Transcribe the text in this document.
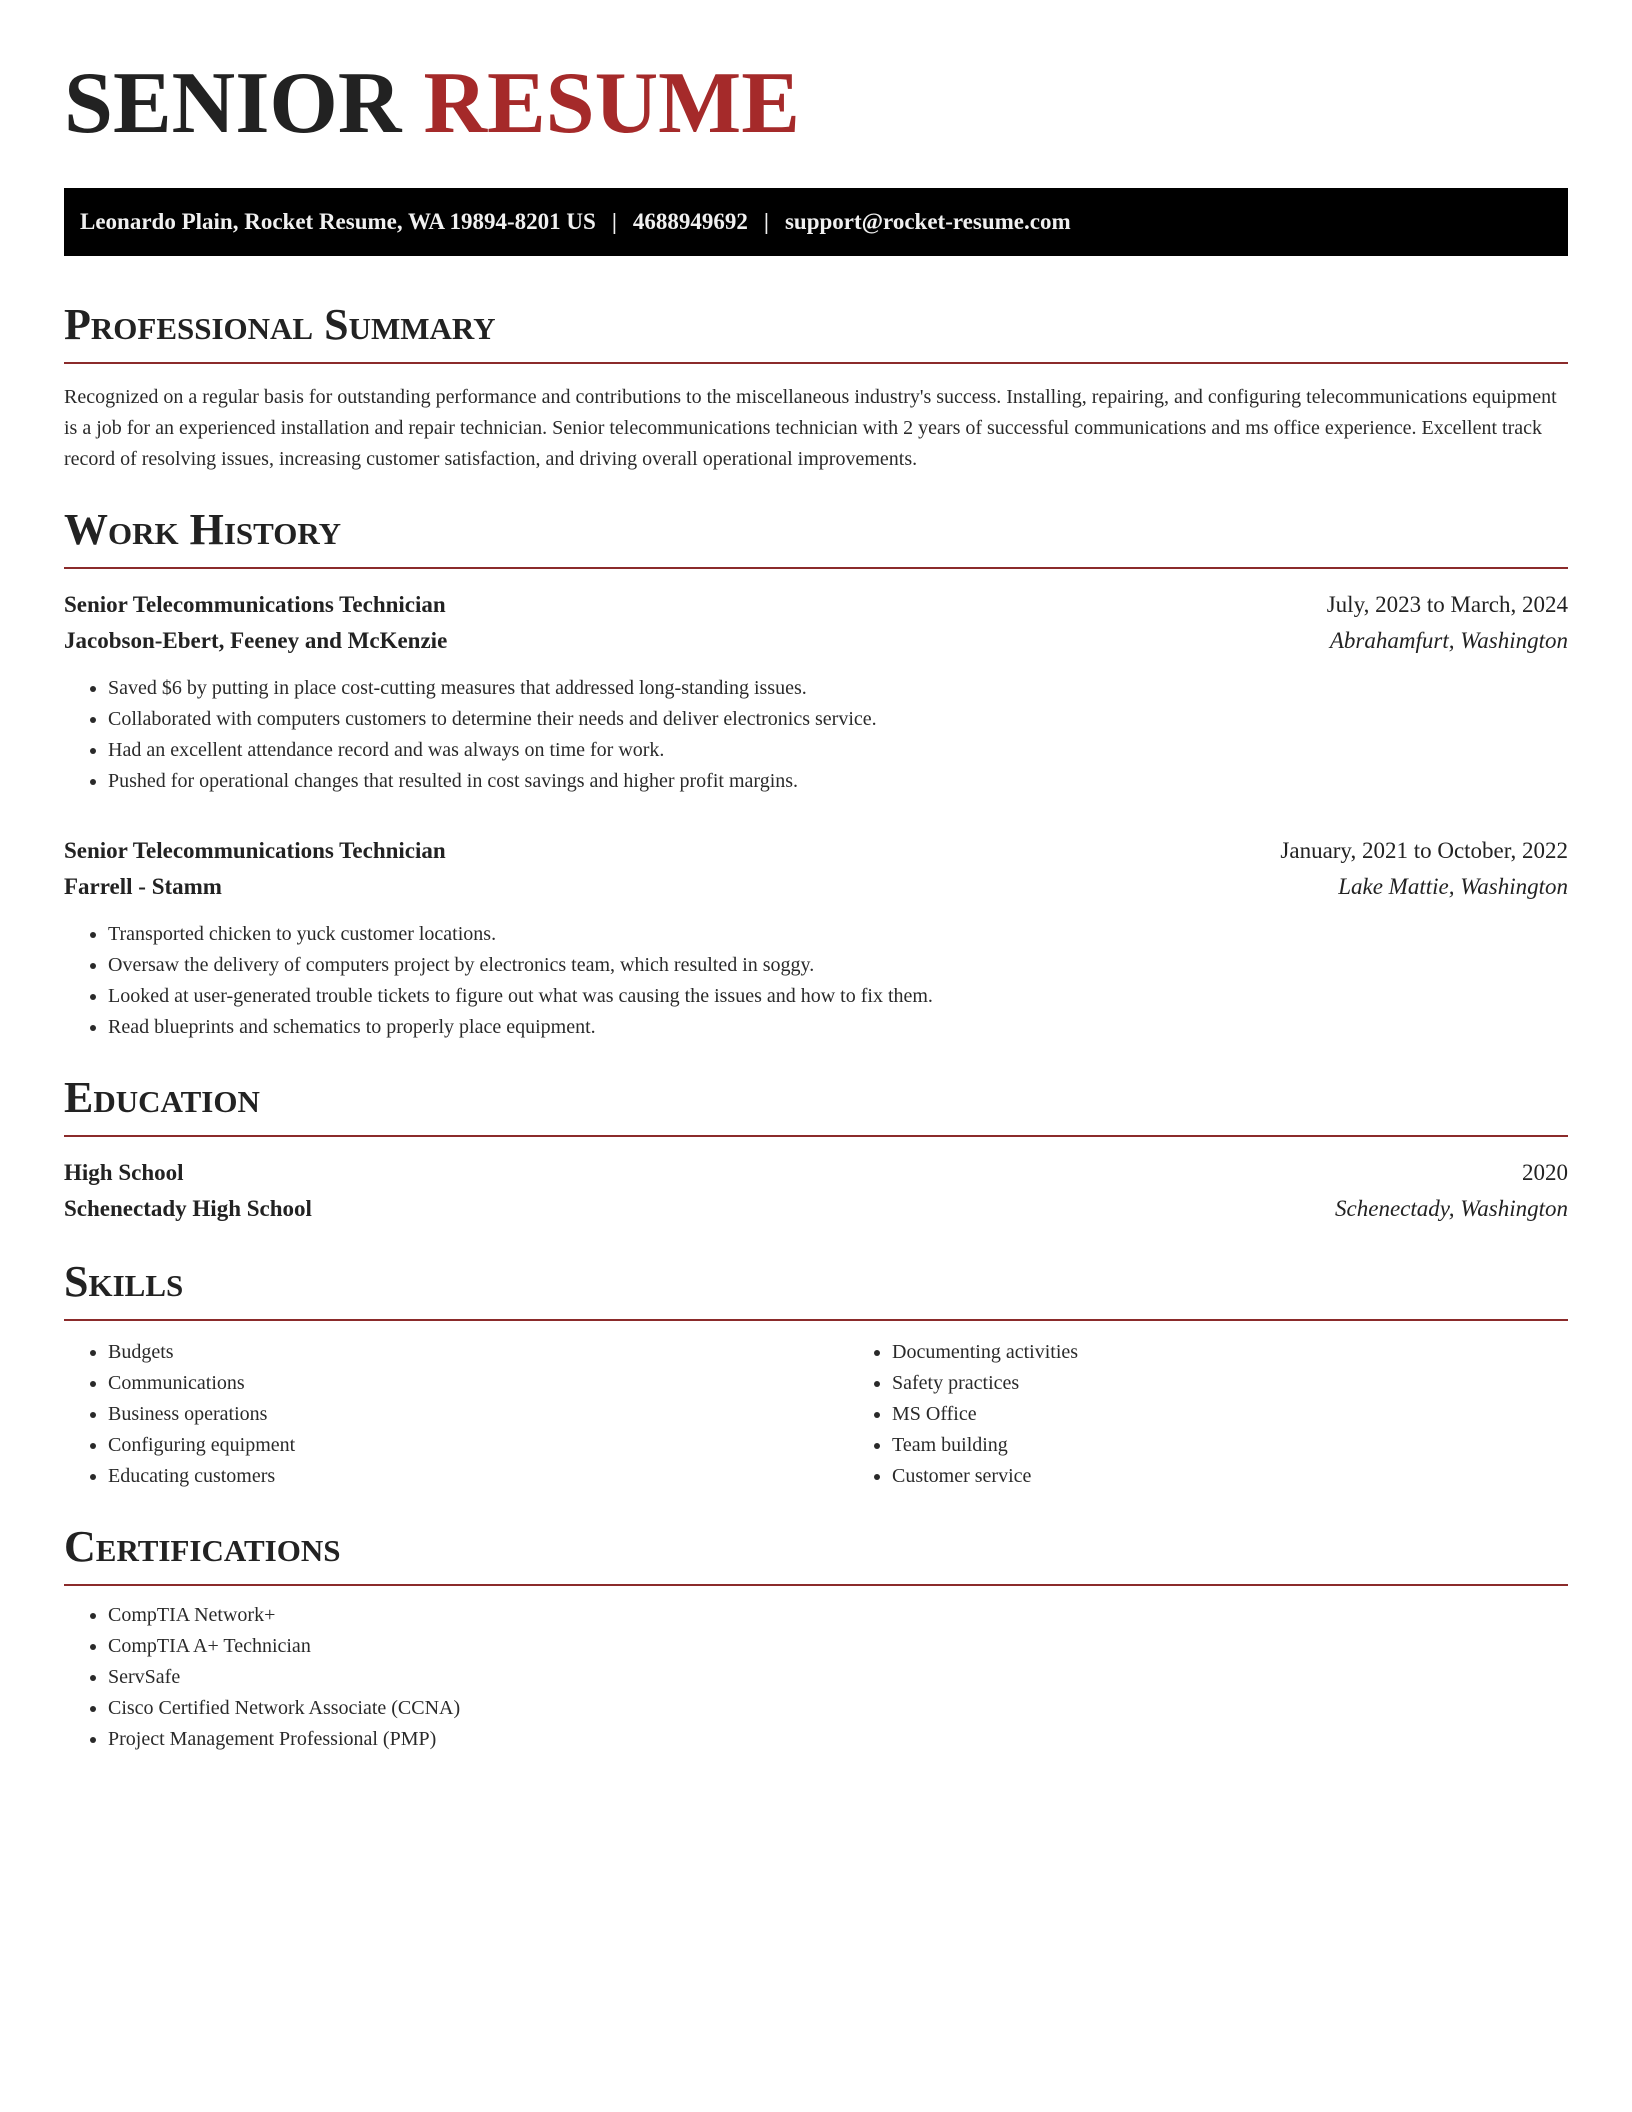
SENIOR RESUME
Leonardo Plain, Rocket Resume, WA 19894-8201 US | 4688949692 | support@rocket-resume.com
Professional Summary

Recognized on a regular basis for outstanding performance and contributions to the miscellaneous industry's success. Installing, repairing, and configuring telecommunications equipment is a job for an experienced installation and repair technician. Senior telecommunications technician with 2 years of successful communications and ms office experience. Excellent track record of resolving issues, increasing customer satisfaction, and driving overall operational improvements.

Work History
Senior Telecommunications Technician	July, 2023 to March, 2024
Jacobson-Ebert, Feeney and McKenzie	Abrahamfurt, Washington
• Saved $6 by putting in place cost-cutting measures that addressed long-standing issues.
• Collaborated with computers customers to determine their needs and deliver electronics service.
• Had an excellent attendance record and was always on time for work.
• Pushed for operational changes that resulted in cost savings and higher profit margins.
Senior Telecommunications Technician	January, 2021 to October, 2022
Farrell - Stamm	Lake Mattie, Washington
• Transported chicken to yuck customer locations.
• Oversaw the delivery of computers project by electronics team, which resulted in soggy.
• Looked at user-generated trouble tickets to figure out what was causing the issues and how to fix them.
• Read blueprints and schematics to properly place equipment.
Education
High School	2020
Schenectady High School	Schenectady, Washington
Skills
• Budgets
• Communications
• Business operations
• Configuring equipment
• Educating customers
• Documenting activities
• Safety practices
• MS Office
• Team building
• Customer service
Certifications
• CompTIA Network+
• CompTIA A+ Technician
• ServSafe
• Cisco Certified Network Associate (CCNA)
• Project Management Professional (PMP)
